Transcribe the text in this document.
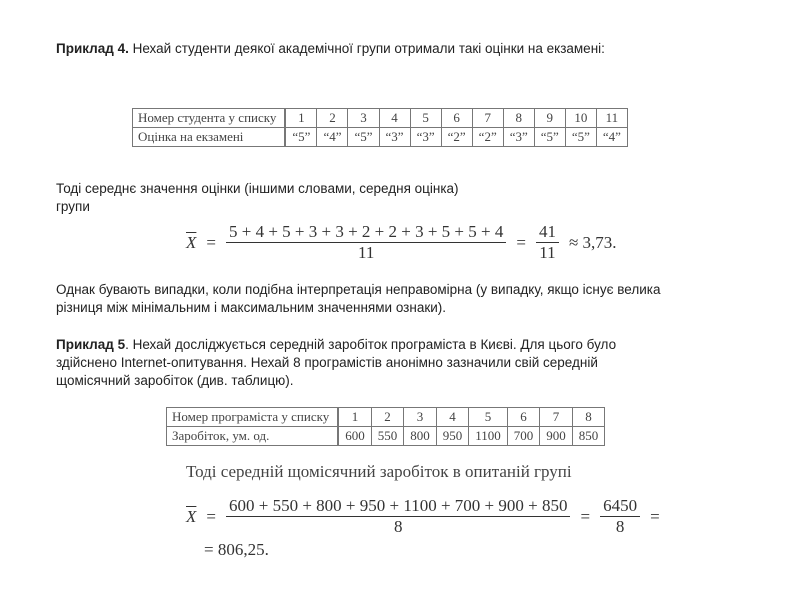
Приклад 4. Нехай студенти деякої академічної групи отримали такі оцінки на екзамені:
Номер студента у списку	1	2	3	4	5	6	7	8	9	10	11
Оцінка на екзамені	“5”	“4”	“5”	“3”	“3”	“2”	“2”	“3”	“5”	“5”	“4”
Тоді середнє значення оцінки (іншими словами, середня оцінка)
групи
$\overline{X} = \frac{5 + 4 + 5 + 3 + 3 + 2 + 2 + 3 + 5 + 5 + 4}{11} = \frac{41}{11} \approx 3,73$.
Однак бувають випадки, коли подібна інтерпретація неправомірна (у випадку, якщо існує велика
різниця між мінімальним і максимальним значеннями ознаки).
Приклад 5. Нехай досліджується середній заробіток програміста в Києві. Для цього було
здійснено Internet-опитування. Нехай 8 програмістів анонімно зазначили свій середній
щомісячний заробіток (див. таблицю).
Номер програміста у списку	1	2	3	4	5	6	7	8
Заробіток, ум. од.	600	550	800	950	1100	700	900	850
Тоді середній щомісячний заробіток в опитаній групі
$\overline{X} = \frac{600 + 550 + 800 + 950 + 1100 + 700 + 900 + 850}{8} = \frac{6450}{8}$ =
= 806,25.
